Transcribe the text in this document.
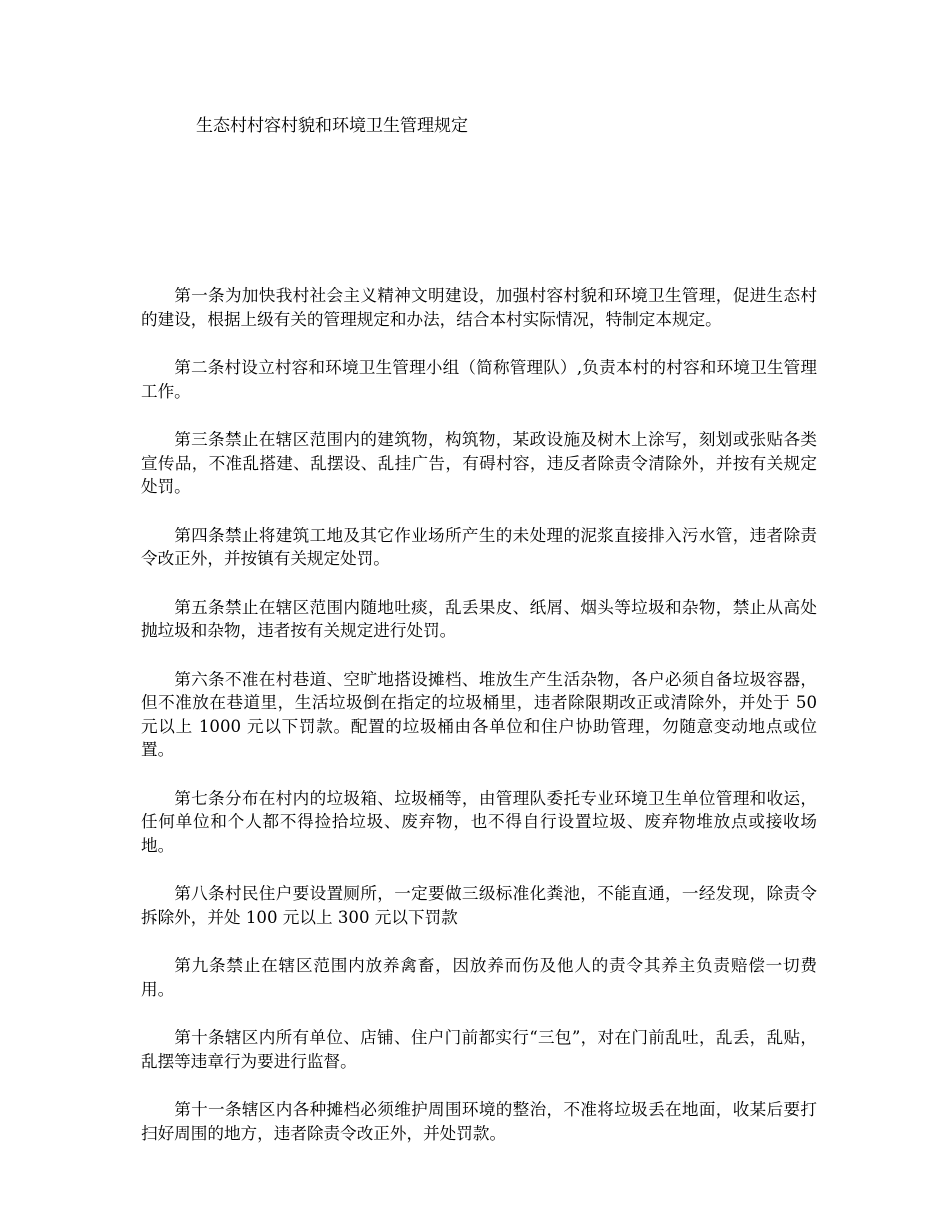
生态村村容村貌和环境卫生管理规定

第一条为加快我村社会主义精神文明建设，加强村容村貌和环境卫生管理，促进生态村的建设，根据上级有关的管理规定和办法，结合本村实际情况，特制定本规定。

第二条村设立村容和环境卫生管理小组（简称管理队）,负责本村的村容和环境卫生管理工作。

第三条禁止在辖区范围内的建筑物，构筑物，某政设施及树木上涂写，刻划或张贴各类宣传品，不准乱搭建、乱摆设、乱挂广告，有碍村容，违反者除责令清除外，并按有关规定处罚。

第四条禁止将建筑工地及其它作业场所产生的未处理的泥浆直接排入污水管，违者除责令改正外，并按镇有关规定处罚。

第五条禁止在辖区范围内随地吐痰，乱丢果皮、纸屑、烟头等垃圾和杂物，禁止从高处抛垃圾和杂物，违者按有关规定进行处罚。

第六条不准在村巷道、空旷地搭设摊档、堆放生产生活杂物，各户必须自备垃圾容器，但不准放在巷道里，生活垃圾倒在指定的垃圾桶里，违者除限期改正或清除外，并处于 50 元以上 1000 元以下罚款。配置的垃圾桶由各单位和住户协助管理，勿随意变动地点或位置。

第七条分布在村内的垃圾箱、垃圾桶等，由管理队委托专业环境卫生单位管理和收运，任何单位和个人都不得捡拾垃圾、废弃物，也不得自行设置垃圾、废弃物堆放点或接收场地。

第八条村民住户要设置厕所，一定要做三级标准化粪池，不能直通，一经发现，除责令拆除外，并处 100 元以上 300 元以下罚款

第九条禁止在辖区范围内放养禽畜，因放养而伤及他人的责令其养主负责赔偿一切费用。

第十条辖区内所有单位、店铺、住户门前都实行“三包”，对在门前乱吐，乱丢，乱贴，乱摆等违章行为要进行监督。

第十一条辖区内各种摊档必须维护周围环境的整治，不准将垃圾丢在地面，收某后要打扫好周围的地方，违者除责令改正外，并处罚款。
